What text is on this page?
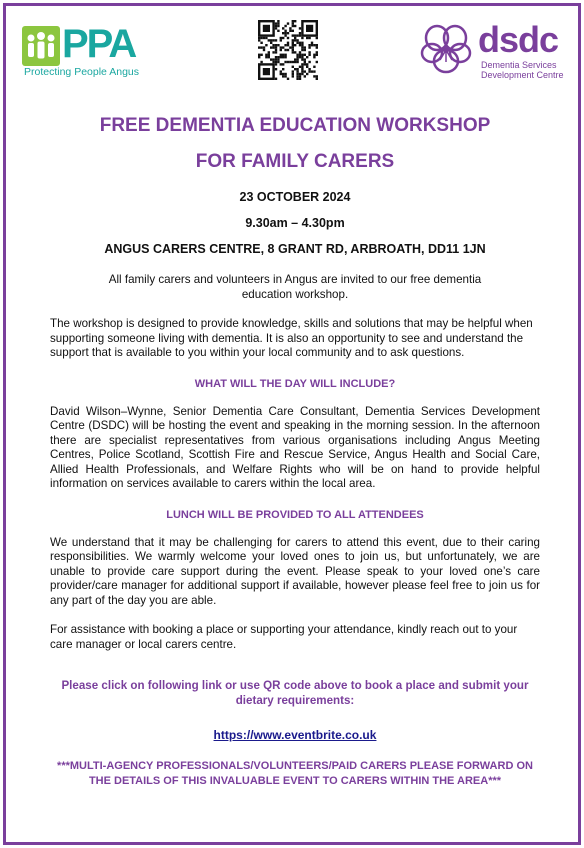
PPA
Protecting People Angus
dsdc
Dementia Services
Development Centre
FREE DEMENTIA EDUCATION WORKSHOP
FOR FAMILY CARERS
23 OCTOBER 2024
9.30am – 4.30pm
ANGUS CARERS CENTRE, 8 GRANT RD, ARBROATH, DD11 1JN
All family carers and volunteers in Angus are invited to our free dementia education workshop.
The workshop is designed to provide knowledge, skills and solutions that may be helpful when supporting someone living with dementia. It is also an opportunity to see and understand the support that is available to you within your local community and to ask questions.
WHAT WILL THE DAY WILL INCLUDE?
David Wilson–Wynne, Senior Dementia Care Consultant, Dementia Services Development Centre (DSDC) will be hosting the event and speaking in the morning session. In the afternoon there are specialist representatives from various organisations including Angus Meeting Centres, Police Scotland, Scottish Fire and Rescue Service, Angus Health and Social Care, Allied Health Professionals, and Welfare Rights who will be on hand to provide helpful information on services available to carers within the local area.
LUNCH WILL BE PROVIDED TO ALL ATTENDEES
We understand that it may be challenging for carers to attend this event, due to their caring responsibilities. We warmly welcome your loved ones to join us, but unfortunately, we are unable to provide care support during the event. Please speak to your loved one’s care provider/care manager for additional support if available, however please feel free to join us for any part of the day you are able.
For assistance with booking a place or supporting your attendance, kindly reach out to your care manager or local carers centre.
Please click on following link or use QR code above to book a place and submit your dietary requirements:
https://www.eventbrite.co.uk
***MULTI-AGENCY PROFESSIONALS/VOLUNTEERS/PAID CARERS PLEASE FORWARD ON THE DETAILS OF THIS INVALUABLE EVENT TO CARERS WITHIN THE AREA***
